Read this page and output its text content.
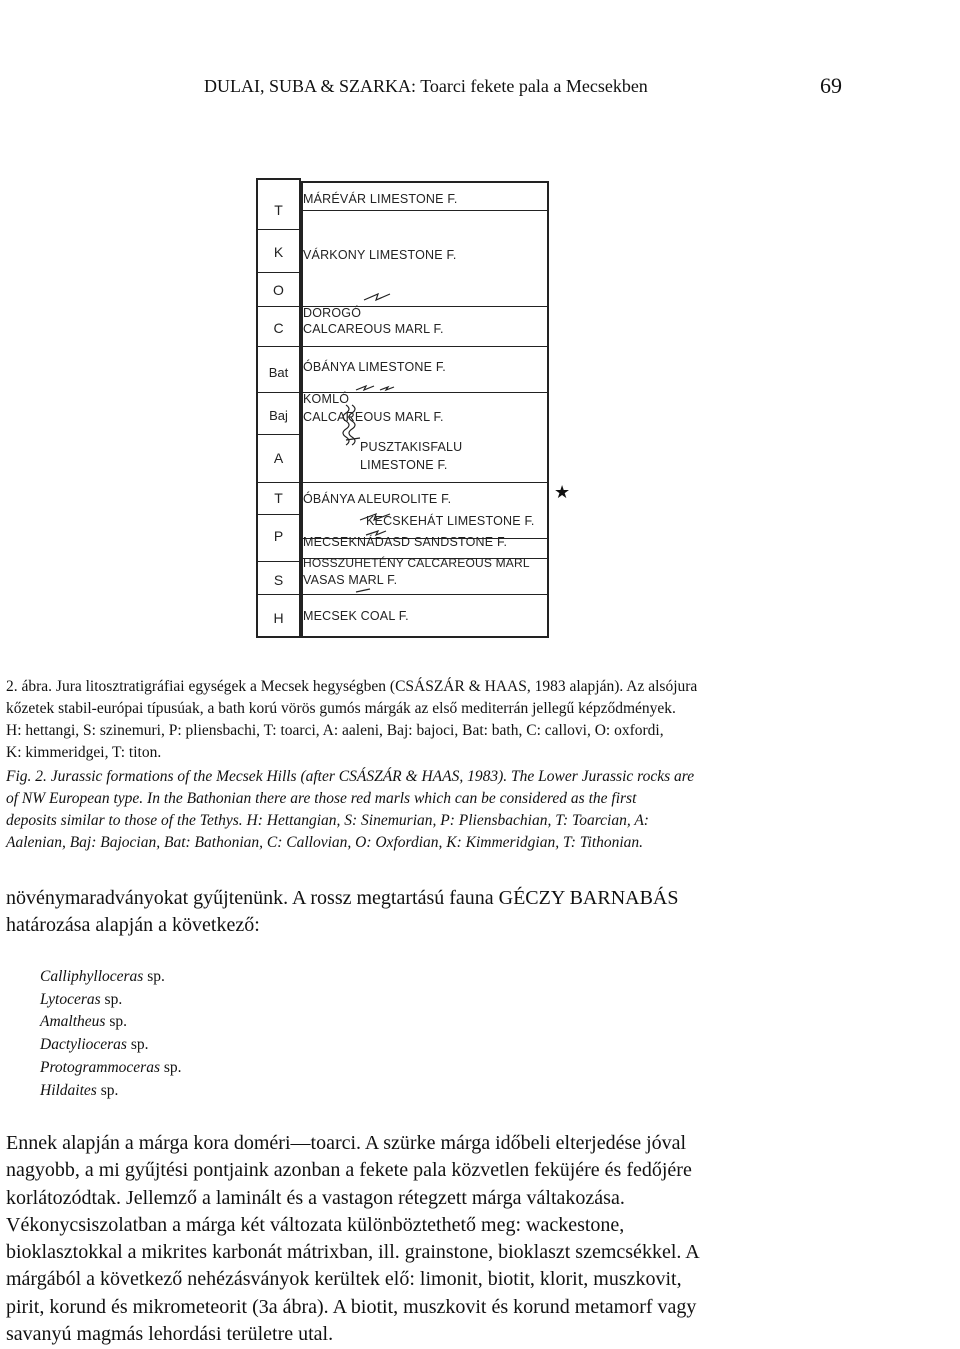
DULAI, SUBA & SZARKA: Toarci fekete pala a Mecsekben	69
T
K
O
C
Bat
Baj
A
T
P
S
H
MÁRÉVÁR LIMESTONE F.
VÁRKONY LIMESTONE F.
DOROGÓ
CALCAREOUS MARL F.
ÓBÁNYA LIMESTONE F.
KOMLÓ
CALCAREOUS MARL F.
PUSZTAKISFALU
LIMESTONE F.
ÓBÁNYA ALEUROLITE F.
KECSKEHÁT LIMESTONE F.
MECSEKNÁDASD SANDSTONE F.
HOSSZUHETÉNY CALCAREOUS MARL
VASAS MARL F.
MECSEK COAL F.
★
2. ábra. Jura litosztratigráfiai egységek a Mecsek hegységben (CSÁSZÁR & HAAS, 1983 alapján). Az alsójura
kőzetek stabil-európai típusúak, a bath korú vörös gumós márgák az első mediterrán jellegű képződmények.
H: hettangi, S: szinemuri, P: pliensbachi, T: toarci, A: aaleni, Baj: bajoci, Bat: bath, C: callovi, O: oxfordi,
K: kimmeridgei, T: titon.
Fig. 2. Jurassic formations of the Mecsek Hills (after CSÁSZÁR & HAAS, 1983). The Lower Jurassic rocks are
of NW European type. In the Bathonian there are those red marls which can be considered as the first
deposits similar to those of the Tethys. H: Hettangian, S: Sinemurian, P: Pliensbachian, T: Toarcian, A:
Aalenian, Baj: Bajocian, Bat: Bathonian, C: Callovian, O: Oxfordian, K: Kimmeridgian, T: Tithonian.
növénymaradványokat gyűjtenünk. A rossz megtartású fauna GÉCZY BARNABÁS
határozása alapján a következő:
Calliphylloceras sp.
Lytoceras sp.
Amaltheus sp.
Dactylioceras sp.
Protogrammoceras sp.
Hildaites sp.
Ennek alapján a márga kora doméri—toarci. A szürke márga időbeli elterjedése jóval
nagyobb, a mi gyűjtési pontjaink azonban a fekete pala közvetlen feküjére és fedőjére
korlátozódtak. Jellemző a laminált és a vastagon rétegzett márga váltakozása.
Vékonycsiszolatban a márga két változata különböztethető meg: wackestone,
bioklasztokkal a mikrites karbonát mátrixban, ill. grainstone, bioklaszt szemcsékkel. A
márgából a következő nehézásványok kerültek elő: limonit, biotit, klorit, muszkovit,
pirit, korund és mikrometeorit (3a ábra). A biotit, muszkovit és korund metamorf vagy
savanyú magmás lehordási területre utal.
